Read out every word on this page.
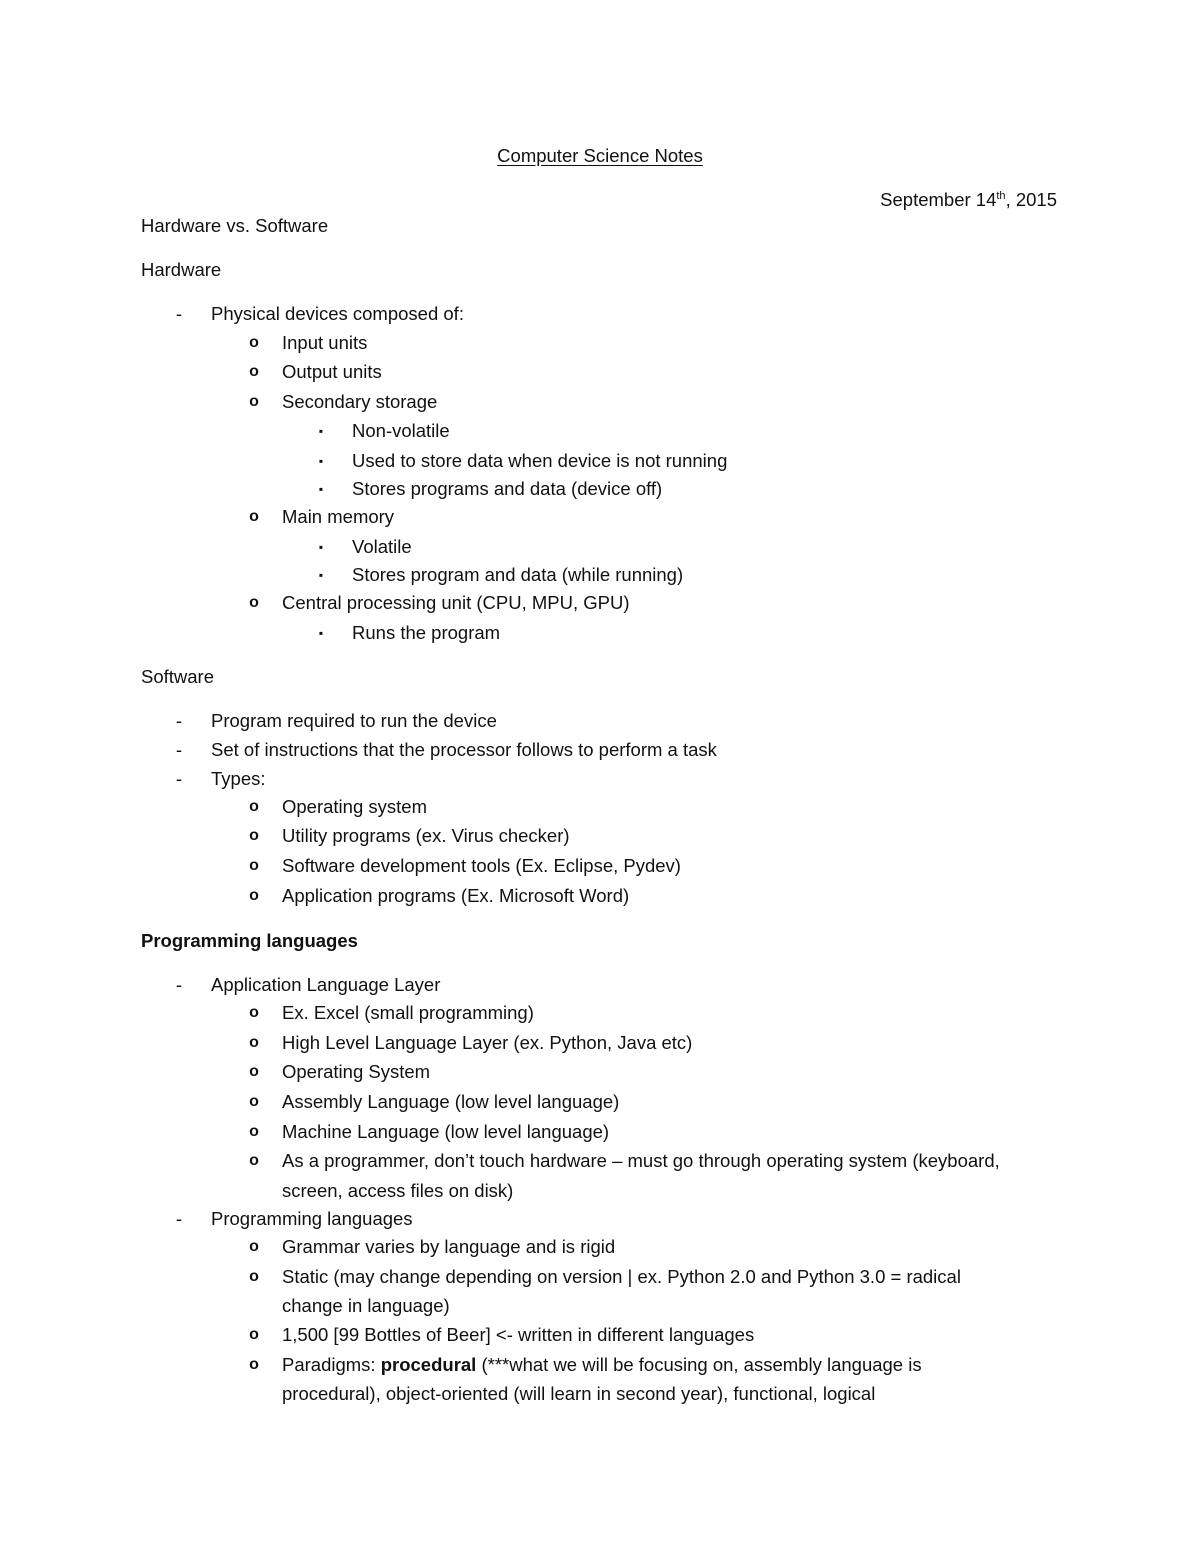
Computer Science Notes
September 14th, 2015
Hardware vs. Software
Hardware
-	Physical devices composed of:
o Input units
o Output units
o Secondary storage
▪	Non-volatile
▪	Used to store data when device is not running
▪	Stores programs and data (device off)
o Main memory
▪	Volatile
▪	Stores program and data (while running)
o Central processing unit (CPU, MPU, GPU)
▪	Runs the program
Software
-	Program required to run the device
-	Set of instructions that the processor follows to perform a task
-	Types:
o Operating system
o Utility programs (ex. Virus checker)
o Software development tools (Ex. Eclipse, Pydev)
o Application programs (Ex. Microsoft Word)
Programming languages
-	Application Language Layer
o Ex. Excel (small programming)
o High Level Language Layer (ex. Python, Java etc)
o Operating System
o Assembly Language (low level language)
o Machine Language (low level language)
o As a programmer, don’t touch hardware – must go through operating system (keyboard,
screen, access files on disk)
-	Programming languages
o Grammar varies by language and is rigid
o Static (may change depending on version | ex. Python 2.0 and Python 3.0 = radical
change in language)
o 1,500 [99 Bottles of Beer] <- written in different languages
o Paradigms: procedural (***what we will be focusing on, assembly language is
procedural), object-oriented (will learn in second year), functional, logical
